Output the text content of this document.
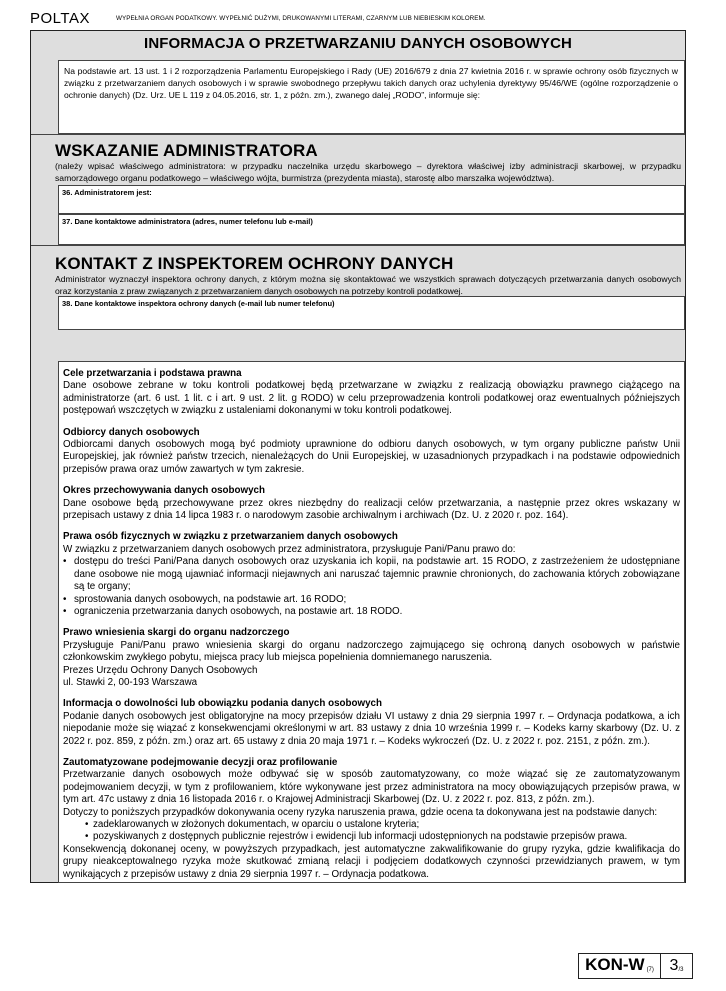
POLTAX	WYPEŁNIA ORGAN PODATKOWY. WYPEŁNIĆ DUŻYMI, DRUKOWANYMI LITERAMI, CZARNYM LUB NIEBIESKIM KOLOREM.
INFORMACJA O PRZETWARZANIU DANYCH OSOBOWYCH
Na podstawie art. 13 ust. 1 i 2 rozporządzenia Parlamentu Europejskiego i Rady (UE) 2016/679 z dnia 27 kwietnia 2016 r. w sprawie ochrony osób fizycznych w związku z przetwarzaniem danych osobowych i w sprawie swobodnego przepływu takich danych oraz uchylenia dyrektywy 95/46/WE (ogólne rozporządzenie o ochronie danych) (Dz. Urz. UE L 119 z 04.05.2016, str. 1, z późn. zm.), zwanego dalej „RODO”, informuje się:
WSKAZANIE ADMINISTRATORA
(należy wpisać właściwego administratora: w przypadku naczelnika urzędu skarbowego – dyrektora właściwej izby administracji skarbowej, w przypadku samorządowego organu podatkowego – właściwego wójta, burmistrza (prezydenta miasta), starostę albo marszałka województwa).
36. Administratorem jest:
37. Dane kontaktowe administratora (adres, numer telefonu lub e-mail)
KONTAKT Z INSPEKTOREM OCHRONY DANYCH
Administrator wyznaczył inspektora ochrony danych, z którym można się skontaktować we wszystkich sprawach dotyczących przetwarzania danych osobowych oraz korzystania z praw związanych z przetwarzaniem danych osobowych na potrzeby kontroli podatkowej.
38. Dane kontaktowe inspektora ochrony danych (e-mail lub numer telefonu)
Cele przetwarzania i podstawa prawna

Dane osobowe zebrane w toku kontroli podatkowej będą przetwarzane w związku z realizacją obowiązku prawnego ciążącego na administratorze (art. 6 ust. 1 lit. c i art. 9 ust. 2 lit. g RODO) w celu przeprowadzenia kontroli podatkowej oraz ewentualnych późniejszych postępowań wszczętych w związku z ustaleniami dokonanymi w toku kontroli podatkowej.

Odbiorcy danych osobowych

Odbiorcami danych osobowych mogą być podmioty uprawnione do odbioru danych osobowych, w tym organy publiczne państw Unii Europejskiej, jak również państw trzecich, nienależących do Unii Europejskiej, w uzasadnionych przypadkach i na podstawie odpowiednich przepisów prawa oraz umów zawartych w tym zakresie.

Okres przechowywania danych osobowych

Dane osobowe będą przechowywane przez okres niezbędny do realizacji celów przetwarzania, a następnie przez okres wskazany w przepisach ustawy z dnia 14 lipca 1983 r. o narodowym zasobie archiwalnym i archiwach (Dz. U. z 2020 r. poz. 164).

Prawa osób fizycznych w związku z przetwarzaniem danych osobowych

W związku z przetwarzaniem danych osobowych przez administratora, przysługuje Pani/Panu prawo do:

• dostępu do treści Pani/Pana danych osobowych oraz uzyskania ich kopii, na podstawie art. 15 RODO, z zastrzeżeniem że udostępniane dane osobowe nie mogą ujawniać informacji niejawnych ani naruszać tajemnic prawnie chronionych, do zachowania których zobowiązane są te organy;
• sprostowania danych osobowych, na podstawie art. 16 RODO;
• ograniczenia przetwarzania danych osobowych, na postawie art. 18 RODO.
Prawo wniesienia skargi do organu nadzorczego

Przysługuje Pani/Panu prawo wniesienia skargi do organu nadzorczego zajmującego się ochroną danych osobowych w państwie członkowskim zwykłego pobytu, miejsca pracy lub miejsca popełnienia domniemanego naruszenia.

Prezes Urzędu Ochrony Danych Osobowych

ul. Stawki 2, 00-193 Warszawa

Informacja o dowolności lub obowiązku podania danych osobowych

Podanie danych osobowych jest obligatoryjne na mocy przepisów działu VI ustawy z dnia 29 sierpnia 1997 r. – Ordynacja podatkowa, a ich niepodanie może się wiązać z konsekwencjami określonymi w art. 83 ustawy z dnia 10 września 1999 r. – Kodeks karny skarbowy (Dz. U. z 2022 r. poz. 859, z późn. zm.) oraz art. 65 ustawy z dnia 20 maja 1971 r. – Kodeks wykroczeń (Dz. U. z 2022 r. poz. 2151, z późn. zm.).

Zautomatyzowane podejmowanie decyzji oraz profilowanie

Przetwarzanie danych osobowych może odbywać się w sposób zautomatyzowany, co może wiązać się ze zautomatyzowanym podejmowaniem decyzji, w tym z profilowaniem, które wykonywane jest przez administratora na mocy obowiązujących przepisów prawa, w tym art. 47c ustawy z dnia 16 listopada 2016 r. o Krajowej Administracji Skarbowej (Dz. U. z 2022 r. poz. 813, z późn. zm.).

Dotyczy to poniższych przypadków dokonywania oceny ryzyka naruszenia prawa, gdzie ocena ta dokonywana jest na podstawie danych:

• zadeklarowanych w złożonych dokumentach, w oparciu o ustalone kryteria;
• pozyskiwanych z dostępnych publicznie rejestrów i ewidencji lub informacji udostępnionych na podstawie przepisów prawa.

Konsekwencją dokonanej oceny, w powyższych przypadkach, jest automatyczne zakwalifikowanie do grupy ryzyka, gdzie kwalifikacja do grupy nieakceptowalnego ryzyka może skutkować zmianą relacji i podjęciem dodatkowych czynności przewidzianych prawem, w tym wynikających z przepisów ustawy z dnia 29 sierpnia 1997 r. – Ordynacja podatkowa.

KON-W (7) 3 /3
